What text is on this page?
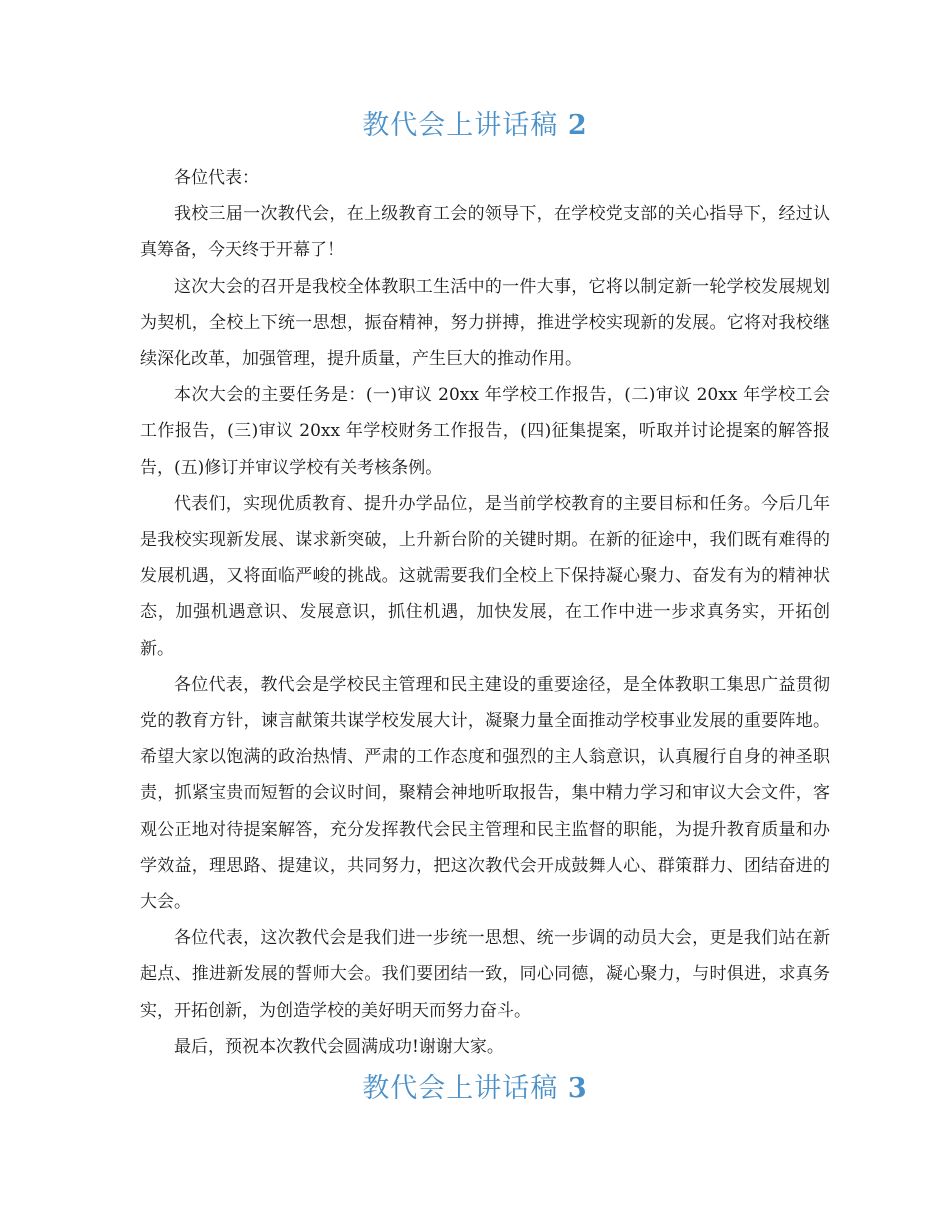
教代会上讲话稿 2

各位代表：

我校三届一次教代会，在上级教育工会的领导下，在学校党支部的关心指导下，经过认真筹备，今天终于开幕了！

这次大会的召开是我校全体教职工生活中的一件大事，它将以制定新一轮学校发展规划为契机，全校上下统一思想，振奋精神，努力拼搏，推进学校实现新的发展。它将对我校继续深化改革，加强管理，提升质量，产生巨大的推动作用。

本次大会的主要任务是：(一)审议 20xx 年学校工作报告，(二)审议 20xx 年学校工会工作报告，(三)审议 20xx 年学校财务工作报告，(四)征集提案，听取并讨论提案的解答报告，(五)修订并审议学校有关考核条例。

代表们，实现优质教育、提升办学品位，是当前学校教育的主要目标和任务。今后几年是我校实现新发展、谋求新突破，上升新台阶的关键时期。在新的征途中，我们既有难得的发展机遇，又将面临严峻的挑战。这就需要我们全校上下保持凝心聚力、奋发有为的精神状态，加强机遇意识、发展意识，抓住机遇，加快发展，在工作中进一步求真务实，开拓创新。

各位代表，教代会是学校民主管理和民主建设的重要途径，是全体教职工集思广益贯彻党的教育方针，谏言献策共谋学校发展大计，凝聚力量全面推动学校事业发展的重要阵地。希望大家以饱满的政治热情、严肃的工作态度和强烈的主人翁意识，认真履行自身的神圣职责，抓紧宝贵而短暂的会议时间，聚精会神地听取报告，集中精力学习和审议大会文件，客观公正地对待提案解答，充分发挥教代会民主管理和民主监督的职能，为提升教育质量和办学效益，理思路、提建议，共同努力，把这次教代会开成鼓舞人心、群策群力、团结奋进的大会。

各位代表，这次教代会是我们进一步统一思想、统一步调的动员大会，更是我们站在新起点、推进新发展的誓师大会。我们要团结一致，同心同德，凝心聚力，与时俱进，求真务实，开拓创新，为创造学校的美好明天而努力奋斗。

最后，预祝本次教代会圆满成功!谢谢大家。

教代会上讲话稿 3
